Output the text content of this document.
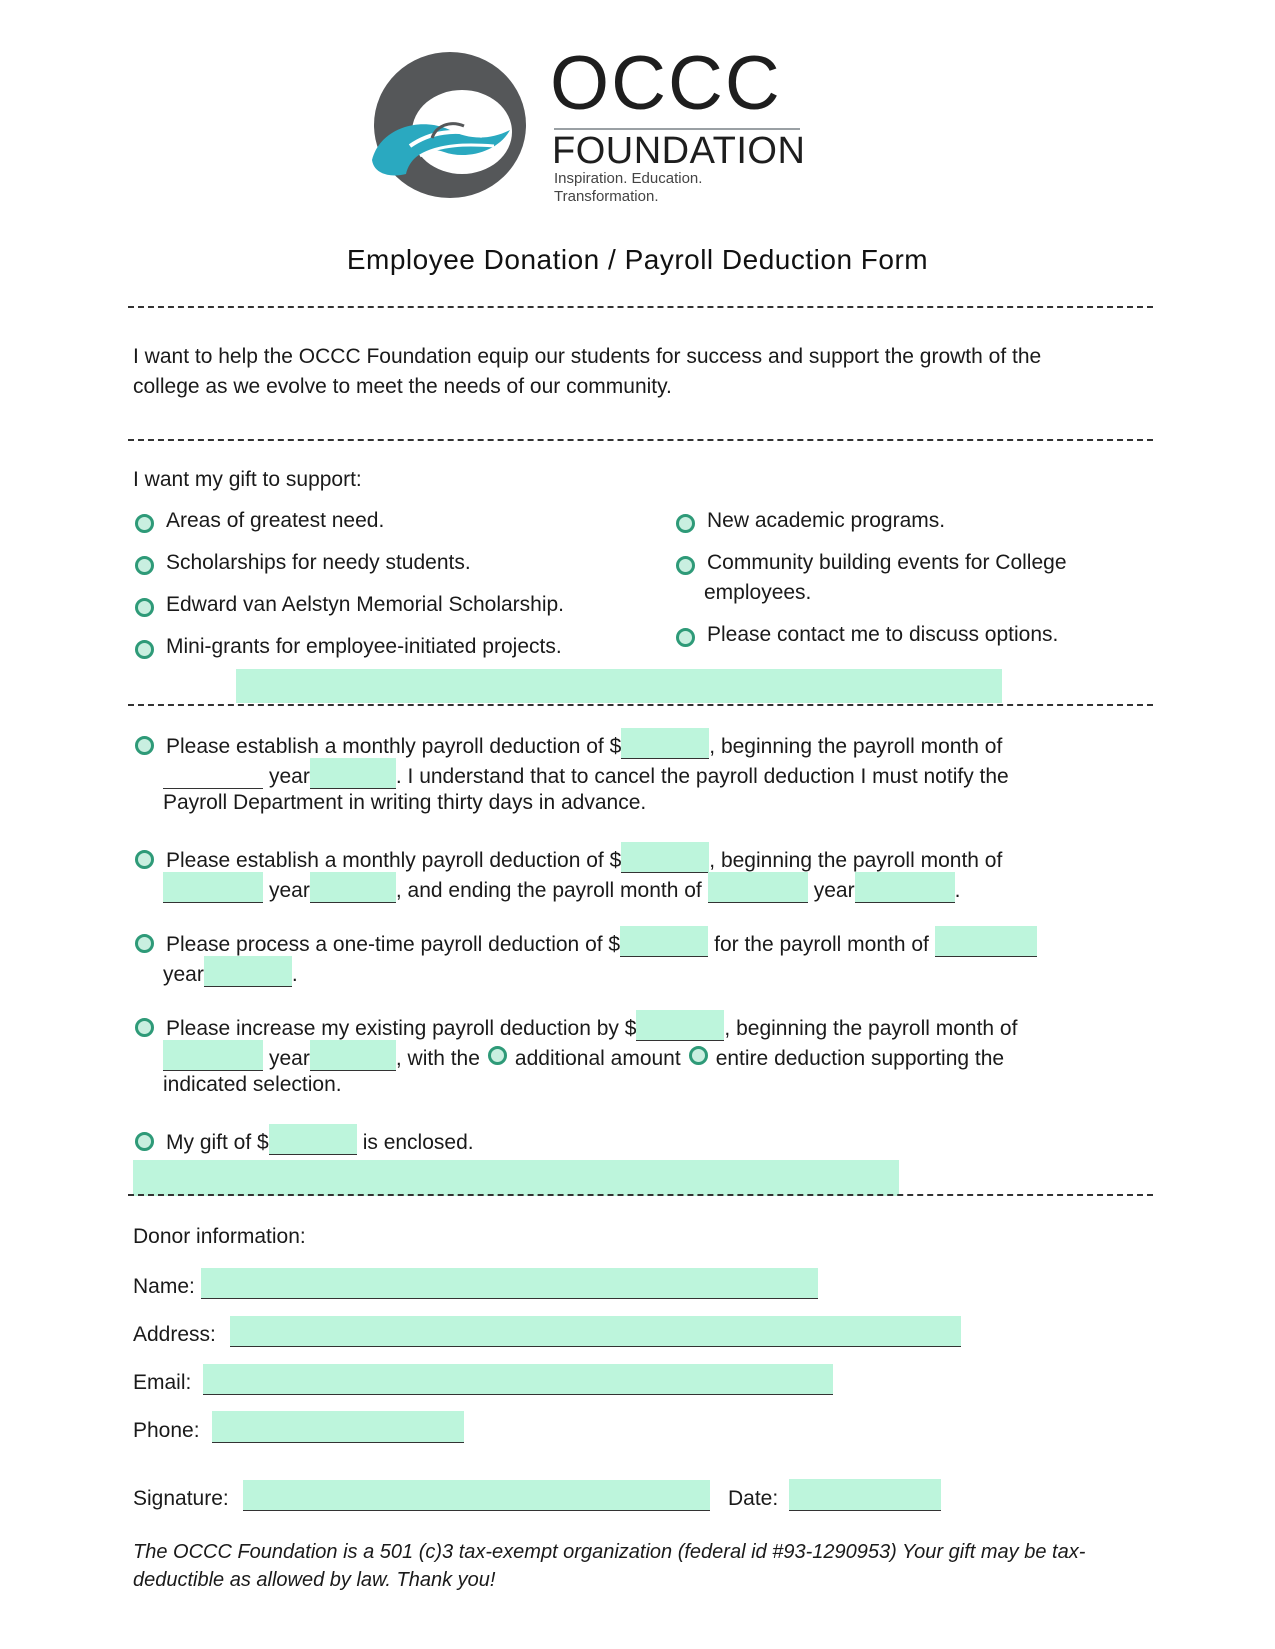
OCCC
FOUNDATION
Inspiration. Education. Transformation.
Employee Donation / Payroll Deduction Form
I want to help the OCCC Foundation equip our students for success and support the growth of the
college as we evolve to meet the needs of our community.
I want my gift to support:
Areas of greatest need.
Scholarships for needy students.
Edward van Aelstyn Memorial Scholarship.
Mini-grants for employee-initiated projects.
New academic programs.
Community building events for College
employees.
Please contact me to discuss options.
Please establish a monthly payroll deduction of $	, beginning the payroll month of
year	. I understand that to cancel the payroll deduction I must notify the
Payroll Department in writing thirty days in advance.
Please establish a monthly payroll deduction of $	, beginning the payroll month of
year	, and ending the payroll month of	year	.
Please process a one-time payroll deduction of $	for the payroll month of
year	.
Please increase my existing payroll deduction by $	, beginning the payroll month of
year	, with the additional amount entire deduction supporting the
indicated selection.
My gift of $	is enclosed.
Donor information:
Name:
Address:
Email:
Phone:
Signature:	Date:
The OCCC Foundation is a 501 (c)3 tax-exempt organization (federal id #93-1290953) Your gift may be tax-
deductible as allowed by law. Thank you!
